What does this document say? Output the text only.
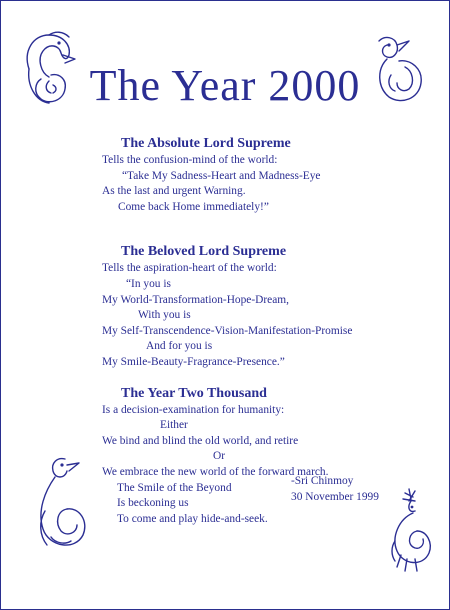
The Year 2000
The Absolute Lord Supreme
Tells the confusion-mind of the world:
“Take My Sadness-Heart and Madness-Eye
As the last and urgent Warning.
Come back Home immediately!”
The Beloved Lord Supreme
Tells the aspiration-heart of the world:
“In you is
My World-Transformation-Hope-Dream,
With you is
My Self-Transcendence-Vision-Manifestation-Promise
And for you is
My Smile-Beauty-Fragrance-Presence.”
The Year Two Thousand
Is a decision-examination for humanity:
Either
We bind and blind the old world, and retire
Or
We embrace the new world of the forward march.
The Smile of the Beyond
Is beckoning us
To come and play hide-and-seek.
-Sri Chinmoy
30 November 1999
